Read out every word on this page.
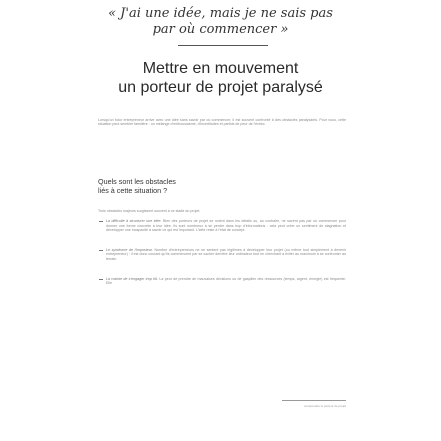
« J'ai une idée, mais je ne sais pas
par où commencer »
Mettre en mouvement
un porteur de projet paralysé

Lorsqu'un futur entrepreneur arrive avec une idée sans savoir par où commencer, il est souvent confronté à des obstacles paralysants. Pour vous, cette situation peut sembler familière : un mélange d'enthousiasme, d'incertitudes et parfois de peur de l'échec.

Quels sont les obstacles
liés à cette situation ?
Trois obstacles majeurs surgissent souvent à ce stade du projet.
La difficulté à structurer une idée. Bien des porteurs de projet se noient dans les détails ou, au contraire, ne savent pas par où commencer pour donner une forme concrète à leur idée. Ils sont nombreux à se perdre dans trop d'informations : cela peut créer un sentiment de stagnation et développer une incapacité à savoir ce qui est important. L'idée reste à l'état de concept.
Le syndrome de l'imposteur. Nombre d'entrepreneurs ne se sentent pas légitimes à développer leur projet (ou même tout simplement à devenir entrepreneur) : il est donc courant qu'ils commencent par se cacher derrière leur ordinateur tout en cherchant à éviter au maximum à se confronter au terrain.
La crainte de s'engager trop tôt. La peur de prendre de mauvaises décisions ou de gaspiller des ressources (temps, argent, énergie) est fréquente. Elle
comprendre le porteur de projet
